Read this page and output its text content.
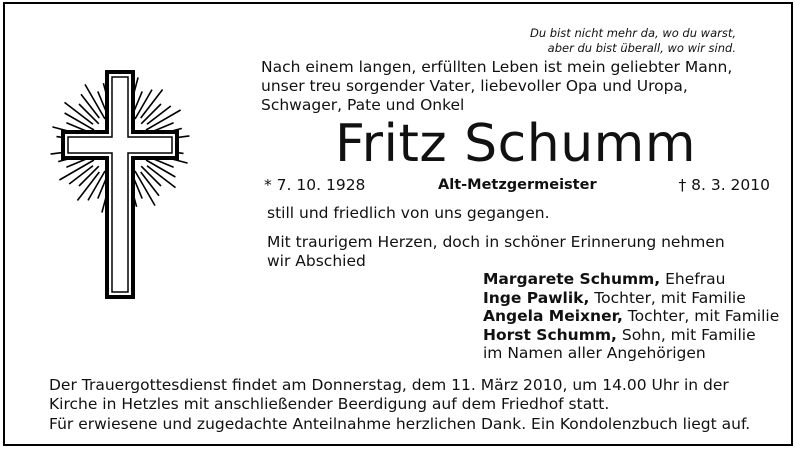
Du bist nicht mehr da, wo du warst,
aber du bist überall, wo wir sind.
Nach einem langen, erfüllten Leben ist mein geliebter Mann, unser treu sorgender Vater, liebevoller Opa und Uropa, Schwager, Pate und Onkel
Fritz Schumm
* 7. 10. 1928	Alt-Metzgermeister	† 8. 3. 2010
still und friedlich von uns gegangen.
Mit traurigem Herzen, doch in schöner Erinnerung nehmen wir Abschied
Margarete Schumm, Ehefrau
Inge Pawlik, Tochter, mit Familie
Angela Meixner, Tochter, mit Familie
Horst Schumm, Sohn, mit Familie
im Namen aller Angehörigen
Der Trauergottesdienst findet am Donnerstag, dem 11. März 2010, um 14.00 Uhr in der Kirche in Hetzles mit anschließender Beerdigung auf dem Friedhof statt.
Für erwiesene und zugedachte Anteilnahme herzlichen Dank. Ein Kondolenzbuch liegt auf.
